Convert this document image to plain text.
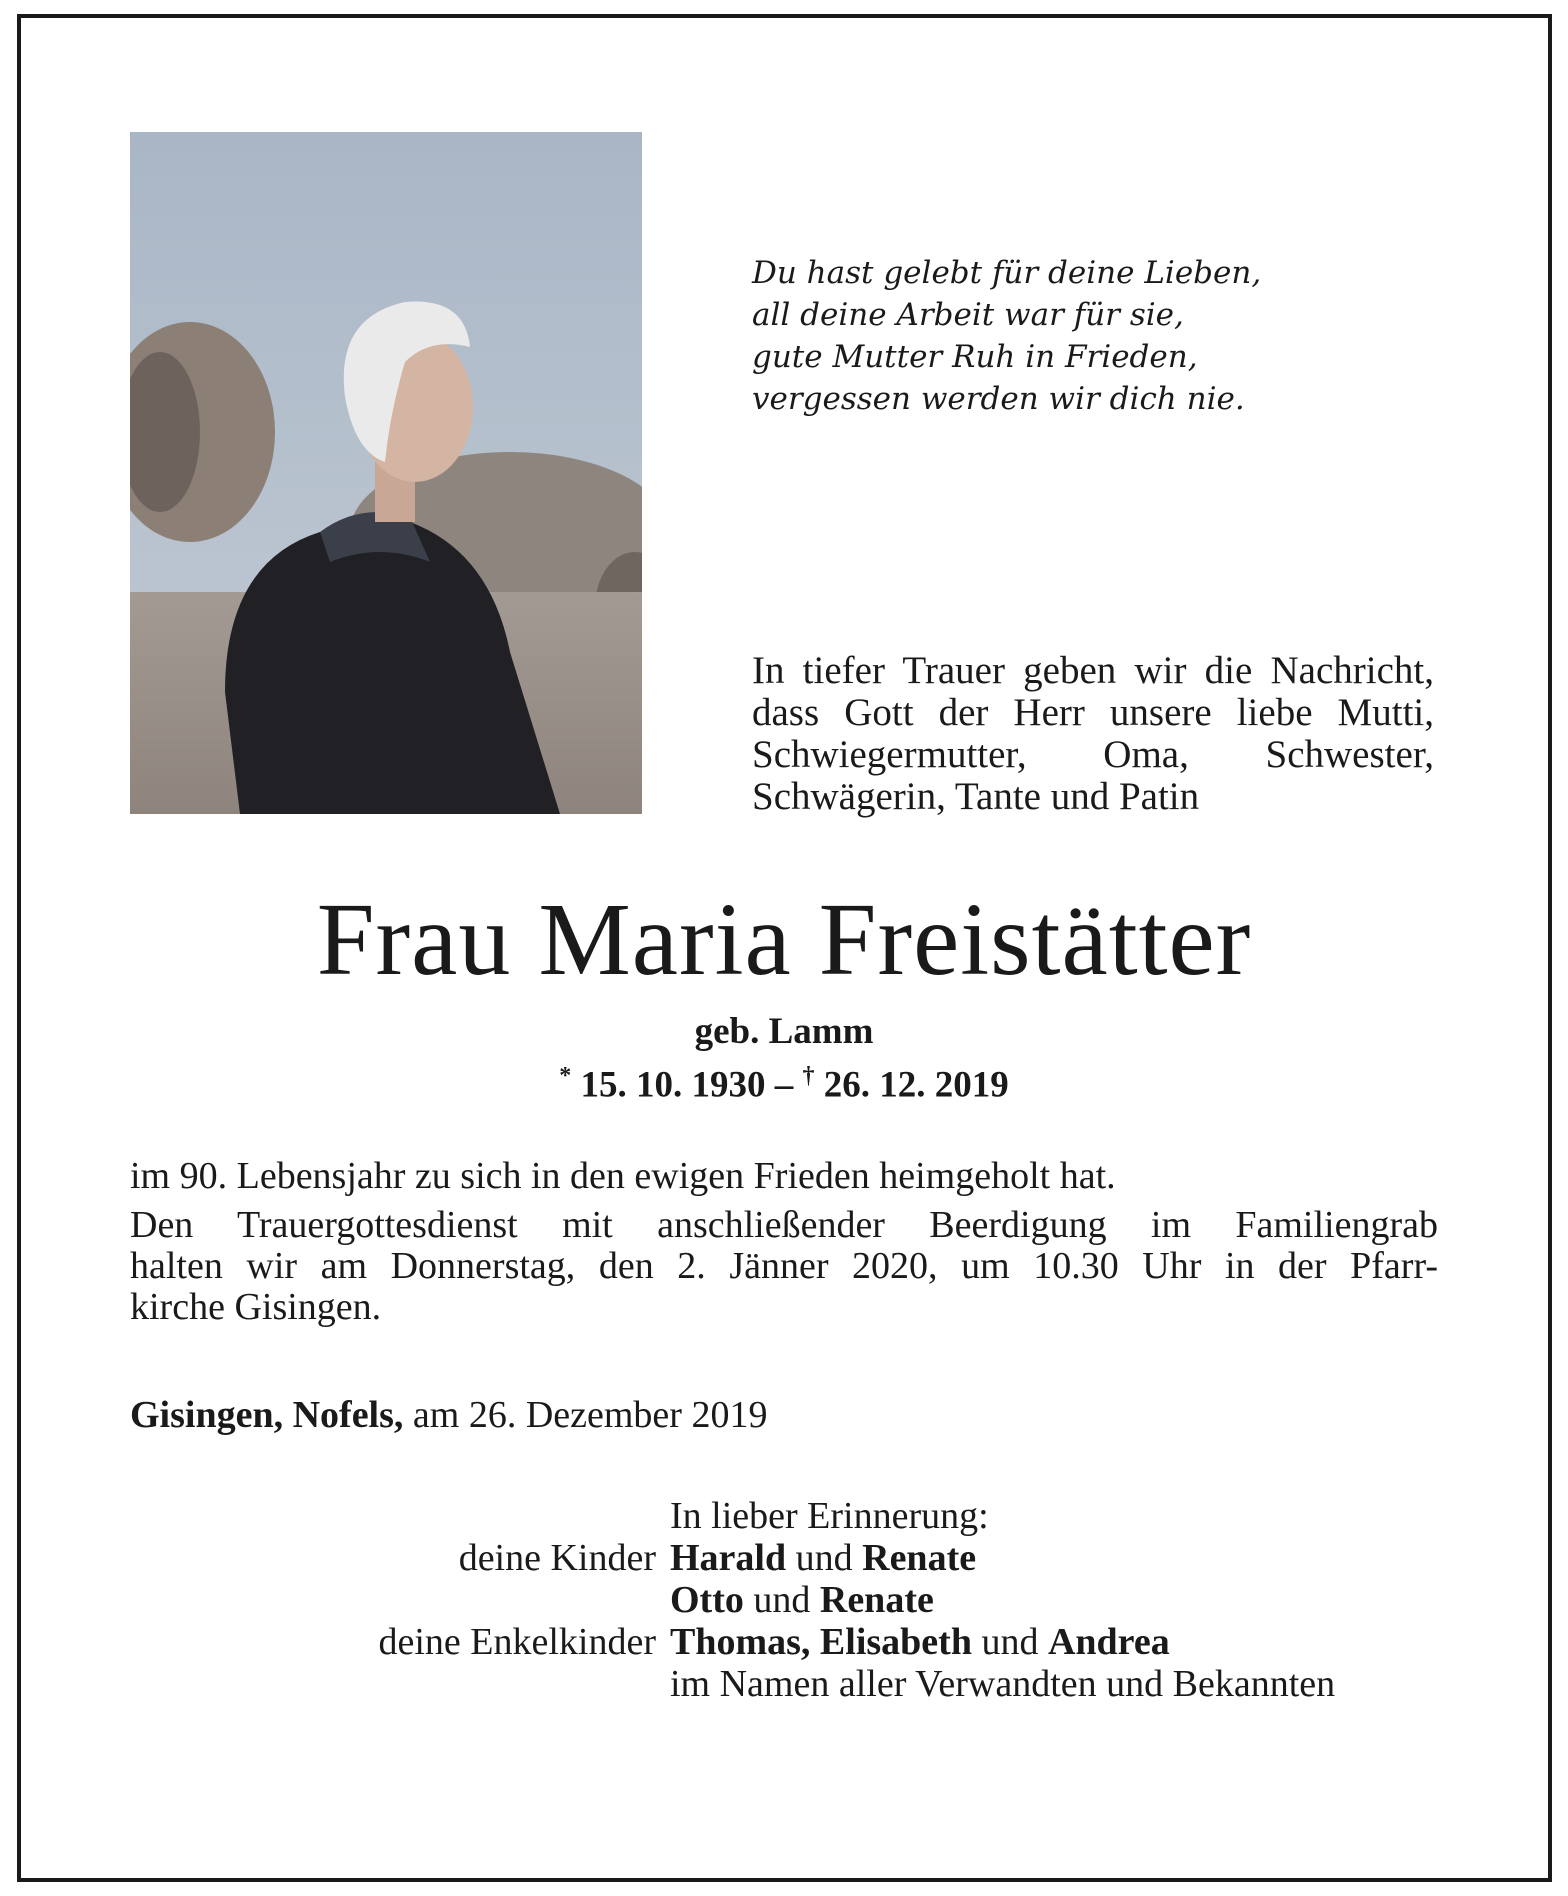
Du hast gelebt für deine Lieben,
all deine Arbeit war für sie,
gute Mutter Ruh in Frieden,
vergessen werden wir dich nie.
In tiefer Trauer geben wir die Nachricht,
dass Gott der Herr unsere liebe Mutti,
Schwiegermutter, Oma, Schwester,
Schwägerin, Tante und Patin
Frau Maria Freistätter
geb. Lamm
* 15. 10. 1930 – † 26. 12. 2019
im 90. Lebensjahr zu sich in den ewigen Frieden heimgeholt hat.
Den Trauergottesdienst mit anschließender Beerdigung im Familiengrab
halten wir am Donnerstag, den 2. Jänner 2020, um 10.30 Uhr in der Pfarr-
kirche Gisingen.
Gisingen, Nofels, am 26. Dezember 2019
In lieber Erinnerung:
deine Kinder Harald und Renate
Otto und Renate
deine Enkelkinder Thomas, Elisabeth und Andrea
im Namen aller Verwandten und Bekannten
